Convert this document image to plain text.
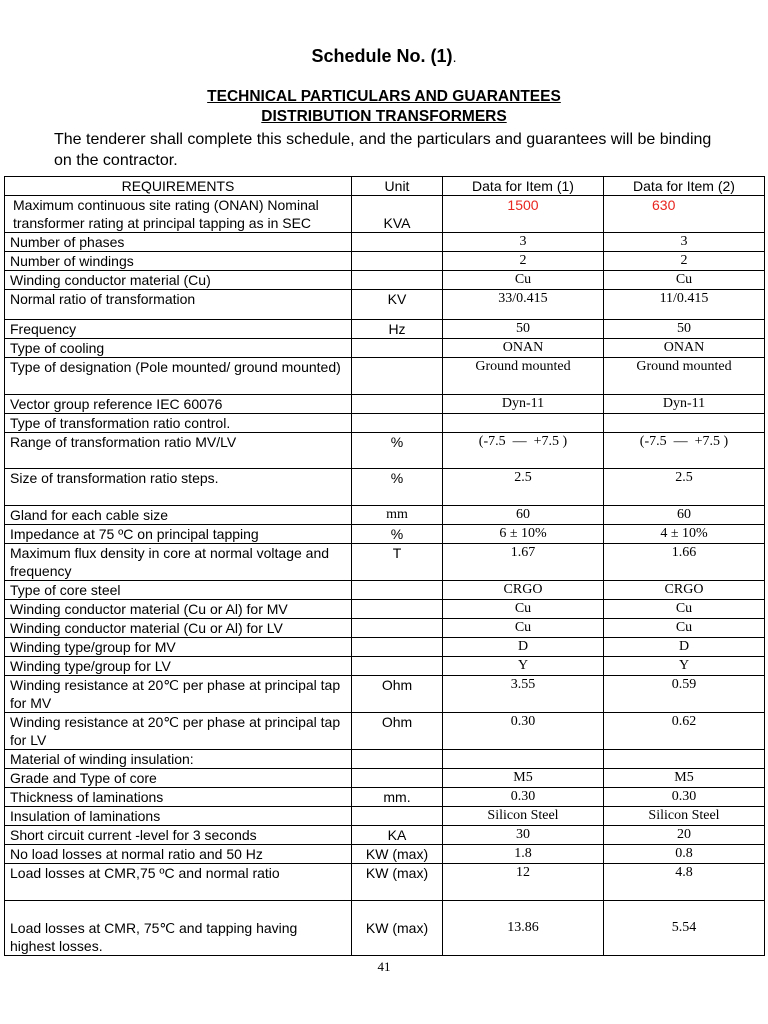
Schedule No. (1).
TECHNICAL PARTICULARS AND GUARANTEES
DISTRIBUTION TRANSFORMERS
The tenderer shall complete this schedule, and the particulars and guarantees will be binding on the contractor.
REQUIREMENTS	Unit	Data for Item (1)	Data for Item (2)
Maximum continuous site rating (ONAN) Nominal transformer rating at principal tapping as in SEC	KVA	1500	630
Number of phases		3	3
Number of windings		2	2
Winding conductor material (Cu)		Cu	Cu
Normal ratio of transformation	KV	33/0.415	11/0.415
Frequency	Hz	50	50
Type of cooling		ONAN	ONAN
Type of designation (Pole mounted/ ground mounted)		Ground mounted	Ground mounted
Vector group reference IEC 60076		Dyn-11	Dyn-11
Type of transformation ratio control.			
Range of transformation ratio MV/LV	%	(-7.5  —  +7.5 )	(-7.5  —  +7.5 )
Size of transformation ratio steps.	%	2.5	2.5
Gland for each cable size	mm	60	60
Impedance at 75 ºC on principal tapping	%	6 ± 10%	4 ± 10%
Maximum flux density in core at normal voltage and frequency	T	1.67	1.66
Type of core steel		CRGO	CRGO
Winding conductor material (Cu or Al) for MV		Cu	Cu
Winding conductor material (Cu or Al) for LV		Cu	Cu
Winding type/group for MV		D	D
Winding type/group for LV		Y	Y
Winding resistance at 20℃ per phase at principal tap for MV	Ohm	3.55	0.59
Winding resistance at 20℃ per phase at principal tap for LV	Ohm	0.30	0.62
Material of winding insulation:			
Grade and Type of core		M5	M5
Thickness of laminations	mm.	0.30	0.30
Insulation of laminations		Silicon Steel	Silicon Steel
Short circuit current -level for 3 seconds	KA	30	20
No load losses at normal ratio and 50 Hz	KW (max)	1.8	0.8
Load losses at CMR,75 ºC and normal ratio	KW (max)	12	4.8
Load losses at CMR, 75℃ and tapping having highest losses.	KW (max)	13.86	5.54
41
